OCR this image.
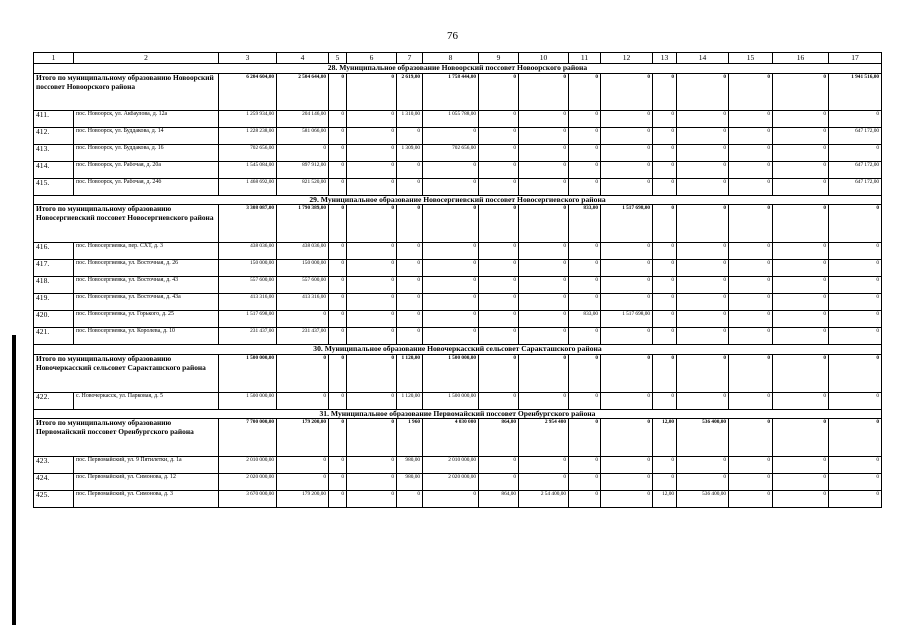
76
1	2	3	4	5	6	7	8	9	10	11	12	13	14	15	16	17
28. Муниципальное образование Новоорский поссовет Новоорского района																
Итого по муниципальному образованию Новоорский поссовет Новоорского района		6 204 604,00	2 504 644,00	0	0	2 619,00	1 758 444,00	0	0	0	0	0	0	0	0	1 941 516,00
411.	пос. Новоорск, ул. Акбаулова, д. 12а	1 259 934,00	204 146,00	0	0	1 310,00	1 055 788,00	0	0	0	0	0	0	0	0	0
412.	пос. Новоорск, ул. Буддакова, д. 14	1 228 238,00	581 066,00	0	0	0	0	0	0	0	0	0	0	0	0	647 172,00
413.	пос. Новоорск, ул. Буддакова, д. 16	702 656,00	0	0	0	1 309,00	702 656,00	0	0	0	0	0	0	0	0	0
414.	пос. Новоорск, ул. Рабочая, д. 20а	1 545 084,00	897 912,00	0	0	0	0	0	0	0	0	0	0	0	0	647 172,00
415.	пос. Новоорск, ул. Рабочая, д. 24б	1 468 692,00	821 520,00	0	0	0	0	0	0	0	0	0	0	0	0	647 172,00
29. Муниципальное образование Новосергиевский поссовет Новосергиевского района																
Итого по муниципальному образованию Новосергиевский поссовет Новосергиевского района		3 308 087,00	1 790 389,00	0	0	0	0	0	0	833,00	1 517 698,00	0	0	0	0	0
416.	пос. Новосергиевка, пер. СХТ, д. 3	438 036,00	438 036,00	0	0	0	0	0	0	0	0	0	0	0	0	0
417.	пос. Новосергиевка, ул. Восточная, д. 26	150 000,00	150 000,00	0	0	0	0	0	0	0	0	0	0	0	0	0
418.	пос. Новосергиевка, ул. Восточная, д. 43	557 600,00	557 600,00	0	0	0	0	0	0	0	0	0	0	0	0	0
419.	пос. Новосергиевка, ул. Восточная, д. 43а	413 316,00	413 316,00	0	0	0	0	0	0	0	0	0	0	0	0	0
420.	пос. Новосергиевка, ул. Горького, д. 25	1 517 698,00	0	0	0	0	0	0	0	833,00	1 517 698,00	0	0	0	0	0
421.	пос. Новосергиевка, ул. Королева, д. 10	231 437,00	231 437,00	0	0	0	0	0	0	0	0	0	0	0	0	0
30. Муниципальное образование Новочеркасский сельсовет Саракташского района																
Итого по муниципальному образованию Новочеркасский сельсовет Саракташского района		1 500 000,00	0	0	0	1 120,00	1 500 000,00	0	0	0	0	0	0	0	0	0
422.	с. Новочеркасск, ул. Парковая, д. 5	1 500 000,00	0	0	0	1 120,00	1 500 000,00	0	0	0	0	0	0	0	0	0
31. Муниципальное образование Первомайский поссовет Оренбургского района																
Итого по муниципальному образованию Первомайский поссовет Оренбургского района		7 700 000,00	179 200,00	0	0	1 960	4 030 000	864,00	2 954 400	0	0	12,00	536 400,00	0	0	0
423.	пос. Первомайский, ул. 9 Пятилетки, д. 1а	2 010 000,00	0	0	0	980,00	2 010 000,00	0	0	0	0	0	0	0	0	0
424.	пос. Первомайский, ул. Симонова, д. 12	2 020 000,00	0	0	0	980,00	2 020 000,00	0	0	0	0	0	0	0	0	0
425.	пос. Первомайский, ул. Симонова, д. 3	3 670 000,00	179 200,00	0	0	0	0	864,00	2 54 400,00	0	0	12,00	536 400,00	0	0	0
